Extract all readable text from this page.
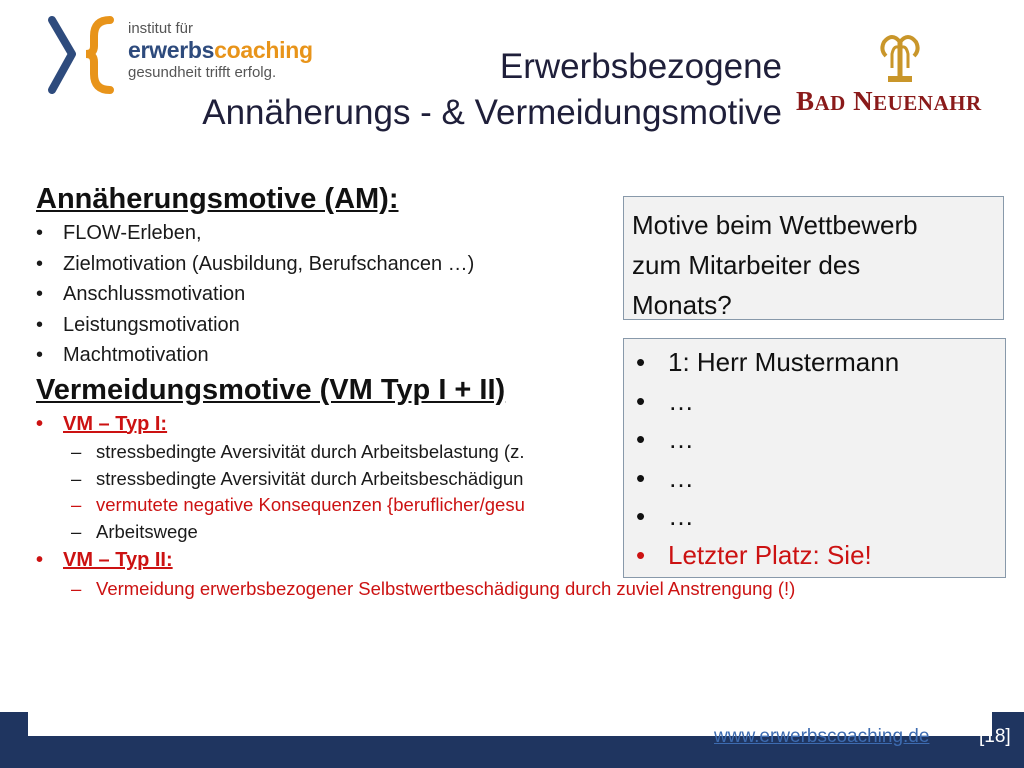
institut für
erwerbscoaching
gesundheit trifft erfolg.	Erwerbsbezogene
Annäherungs - & Vermeidungsmotive BAD NEUENAHR
Annäherungsmotive (AM):
• FLOW-Erleben,
• Zielmotivation (Ausbildung, Berufschancen …)
• Anschlussmotivation
• Leistungsmotivation
• Machtmotivation
Vermeidungsmotive (VM Typ I + II)
• VM – Typ I:
– stressbedingte Aversivität durch Arbeitsbelastung (z.
– stressbedingte Aversivität durch Arbeitsbeschädigun
– vermutete negative Konsequenzen {beruflicher/gesu
– Arbeitswege
• VM – Typ II:
– Vermeidung erwerbsbezogener Selbstwertbeschädigung durch zuviel Anstrengung (!)
Motive beim Wettbewerb
zum Mitarbeiter des
Monats?
• 1: Herr Mustermann
• …
• …
• …
• …
• Letzter Platz: Sie!
www.erwerbscoaching.de	[18]
